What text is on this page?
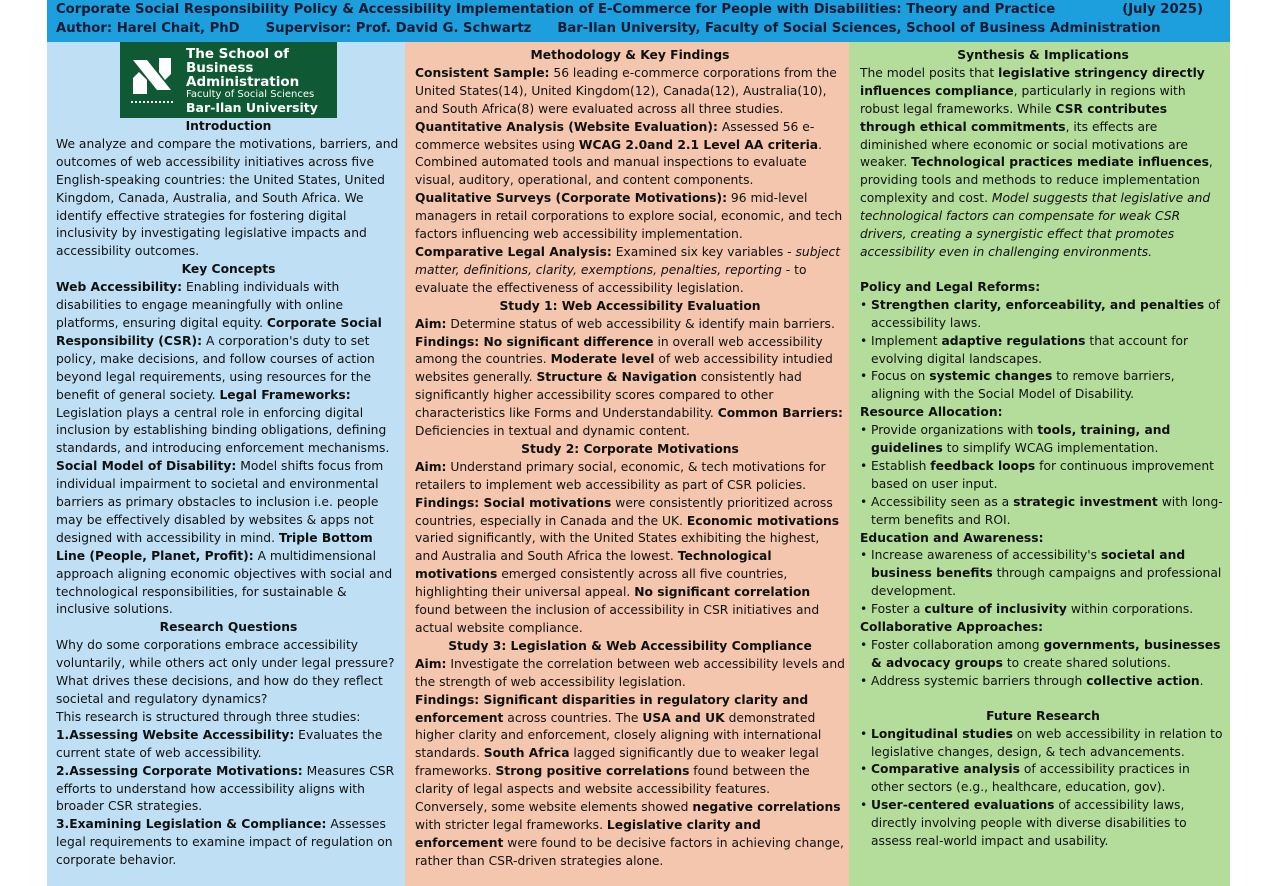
Corporate Social Responsibility Policy & Accessibility Implementation of E-Commerce for People with Disabilities: Theory and Practice	(July 2025)
Author: Harel Chait, PhD Supervisor: Prof. David G. Schwartz Bar-Ilan University, Faculty of Social Sciences, School of Business Administration
The School of Business
Administration
Faculty of Social Sciences
Bar-Ilan University

Introduction

We analyze and compare the motivations, barriers, and outcomes of web accessibility initiatives across five English-speaking countries: the United States, United Kingdom, Canada, Australia, and South Africa. We identify effective strategies for fostering digital inclusivity by investigating legislative impacts and accessibility outcomes.

Key Concepts

Web Accessibility: Enabling individuals with disabilities to engage meaningfully with online platforms, ensuring digital equity. Corporate Social Responsibility (CSR): A corporation's duty to set policy, make decisions, and follow courses of action beyond legal requirements, using resources for the benefit of general society. Legal Frameworks: Legislation plays a central role in enforcing digital inclusion by establishing binding obligations, defining standards, and introducing enforcement mechanisms.

Social Model of Disability: Model shifts focus from individual impairment to societal and environmental barriers as primary obstacles to inclusion i.e. people may be effectively disabled by websites & apps not designed with accessibility in mind. Triple Bottom Line (People, Planet, Profit): A multidimensional approach aligning economic objectives with social and technological responsibilities, for sustainable & inclusive solutions.

Research Questions

Why do some corporations embrace accessibility voluntarily, while others act only under legal pressure? What drives these decisions, and how do they reflect societal and regulatory dynamics?

This research is structured through three studies:

1.Assessing Website Accessibility: Evaluates the current state of web accessibility.

2.Assessing Corporate Motivations: Measures CSR efforts to understand how accessibility aligns with broader CSR strategies.

3.Examining Legislation & Compliance: Assesses legal requirements to examine impact of regulation on corporate behavior.

Methodology & Key Findings

Consistent Sample: 56 leading e-commerce corporations from the United States(14), United Kingdom(12), Canada(12), Australia(10), and South Africa(8) were evaluated across all three studies.

Quantitative Analysis (Website Evaluation): Assessed 56 e-commerce websites using WCAG 2.0and 2.1 Level AA criteria. Combined automated tools and manual inspections to evaluate visual, auditory, operational, and content components.

Qualitative Surveys (Corporate Motivations): 96 mid-level managers in retail corporations to explore social, economic, and tech factors influencing web accessibility implementation.

Comparative Legal Analysis: Examined six key variables - subject matter, definitions, clarity, exemptions, penalties, reporting - to evaluate the effectiveness of accessibility legislation.

Study 1: Web Accessibility Evaluation

Aim: Determine status of web accessibility & identify main barriers.

Findings: No significant difference in overall web accessibility among the countries. Moderate level of web accessibility intudied websites generally. Structure & Navigation consistently had significantly higher accessibility scores compared to other characteristics like Forms and Understandability. Common Barriers: Deficiencies in textual and dynamic content.

Study 2: Corporate Motivations

Aim: Understand primary social, economic, & tech motivations for retailers to implement web accessibility as part of CSR policies.

Findings: Social motivations were consistently prioritized across countries, especially in Canada and the UK. Economic motivations varied significantly, with the United States exhibiting the highest, and Australia and South Africa the lowest. Technological motivations emerged consistently across all five countries, highlighting their universal appeal. No significant correlation found between the inclusion of accessibility in CSR initiatives and actual website compliance.

Study 3: Legislation & Web Accessibility Compliance

Aim: Investigate the correlation between web accessibility levels and the strength of web accessibility legislation.

Findings: Significant disparities in regulatory clarity and enforcement across countries. The USA and UK demonstrated higher clarity and enforcement, closely aligning with international standards. South Africa lagged significantly due to weaker legal frameworks. Strong positive correlations found between the clarity of legal aspects and website accessibility features. Conversely, some website elements showed negative correlations with stricter legal frameworks. Legislative clarity and enforcement were found to be decisive factors in achieving change, rather than CSR-driven strategies alone.

Synthesis & Implications

The model posits that legislative stringency directly influences compliance, particularly in regions with robust legal frameworks. While CSR contributes through ethical commitments, its effects are diminished where economic or social motivations are weaker. Technological practices mediate influences, providing tools and methods to reduce implementation complexity and cost. Model suggests that legislative and technological factors can compensate for weak CSR drivers, creating a synergistic effect that promotes accessibility even in challenging environments.

Policy and Legal Reforms:

• Strengthen clarity, enforceability, and penalties of accessibility laws.
• Implement adaptive regulations that account for evolving digital landscapes.
• Focus on systemic changes to remove barriers, aligning with the Social Model of Disability.

Resource Allocation:

• Provide organizations with tools, training, and guidelines to simplify WCAG implementation.
• Establish feedback loops for continuous improvement based on user input.
• Accessibility seen as a strategic investment with long-term benefits and ROI.

Education and Awareness:

• Increase awareness of accessibility's societal and business benefits through campaigns and professional development.
• Foster a culture of inclusivity within corporations.

Collaborative Approaches:

• Foster collaboration among governments, businesses & advocacy groups to create shared solutions.
• Address systemic barriers through collective action.

Future Research

• Longitudinal studies on web accessibility in relation to legislative changes, design, & tech advancements.
• Comparative analysis of accessibility practices in other sectors (e.g., healthcare, education, gov).
• User-centered evaluations of accessibility laws, directly involving people with diverse disabilities to assess real-world impact and usability.
